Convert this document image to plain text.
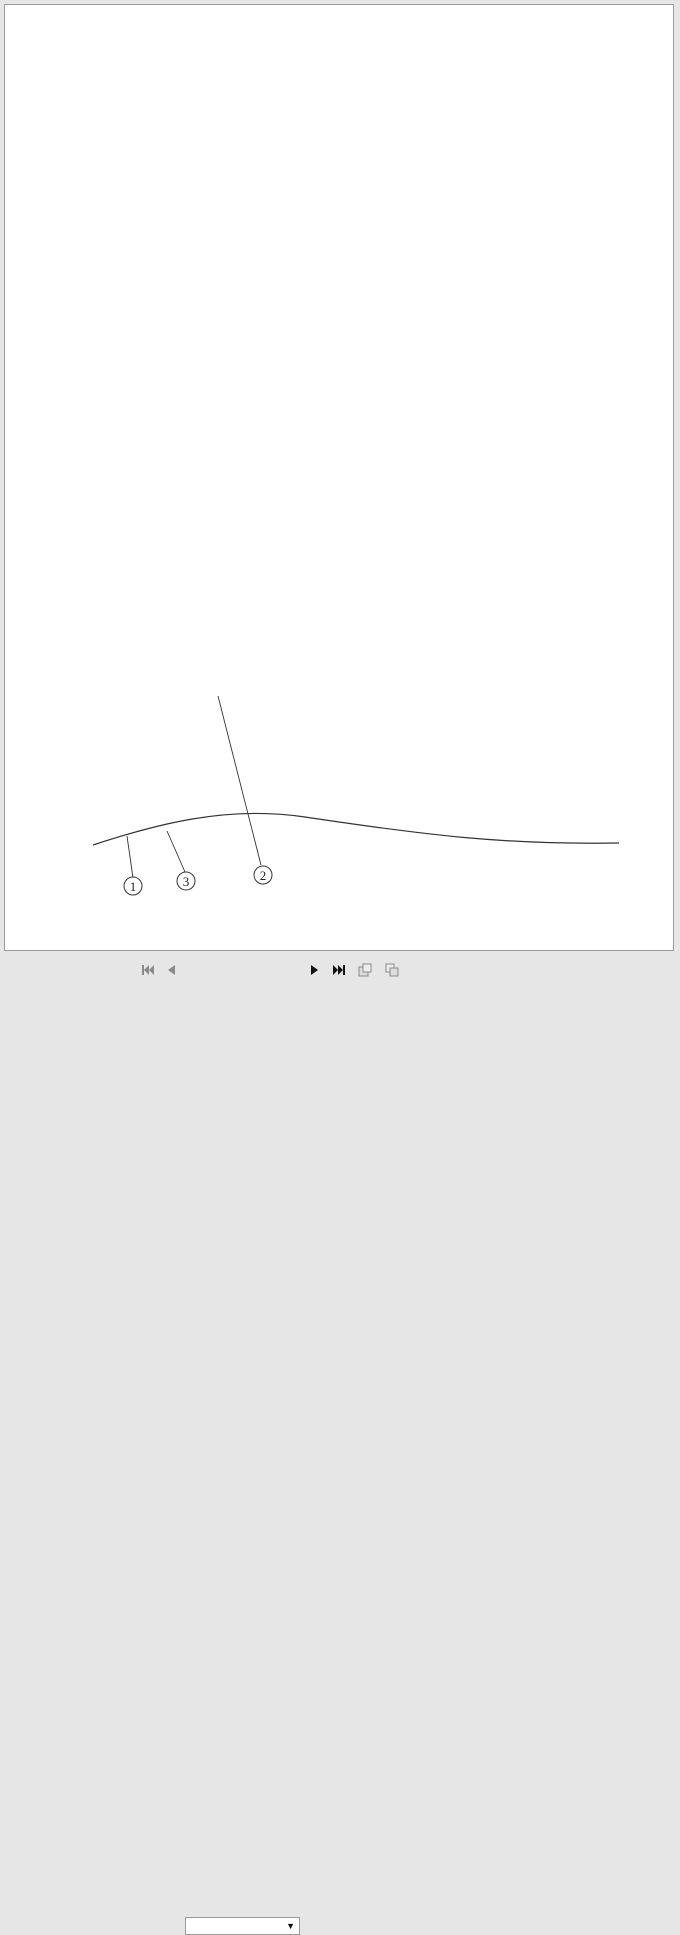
1	3	2
▼
